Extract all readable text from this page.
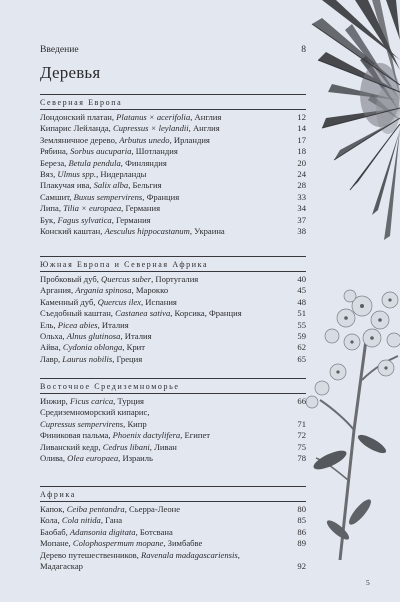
Введение	8
Деревья
Северная Европа
Лондонский платан, Platanus × acerifolia, Англия	12
Кипарис Лейланда, Cupressus × leylandii, Англия	14
Земляничное дерево, Arbutus unedo, Ирландия	17
Рябина, Sorbus aucuparia, Шотландия	18
Береза, Betula pendula, Финляндия	20
Вяз, Ulmus spp., Нидерланды	24
Плакучая ива, Salix alba, Бельгия	28
Самшит, Buxus sempervirens, Франция	33
Липа, Tilia × europaea, Германия	34
Бук, Fagus sylvatica, Германия	37
Конский каштан, Aesculus hippocastanum, Украина	38
Южная Европа и Северная Африка
Пробковый дуб, Quercus suber, Португалия	40
Аргания, Argania spinosa, Марокко	45
Каменный дуб, Quercus ilex, Испания	48
Съедобный каштан, Castanea sativa, Корсика, Франция	51
Ель, Picea abies, Италия	55
Ольха, Alnus glutinosa, Италия	59
Айва, Cydonia oblonga, Крит	62
Лавр, Laurus nobilis, Греция	65
Восточное Средиземноморье
Инжир, Ficus carica, Турция	66
Средиземноморский кипарис,
Cupressus sempervirens, Кипр	71
Финиковая пальма, Phoenix dactylifera, Египет	72
Ливанский кедр, Cedrus libani, Ливан	75
Олива, Olea europaea, Израиль	78
Африка
Капок, Ceiba pentandra, Сьерра-Леоне	80
Кола, Cola nitida, Гана	85
Баобаб, Adansonia digitata, Ботсвана	86
Мопане, Colophospermum mopane, Зимбабве	89
Дерево путешественников, Ravenala madagascariensis,
Мадагаскар	92
5
